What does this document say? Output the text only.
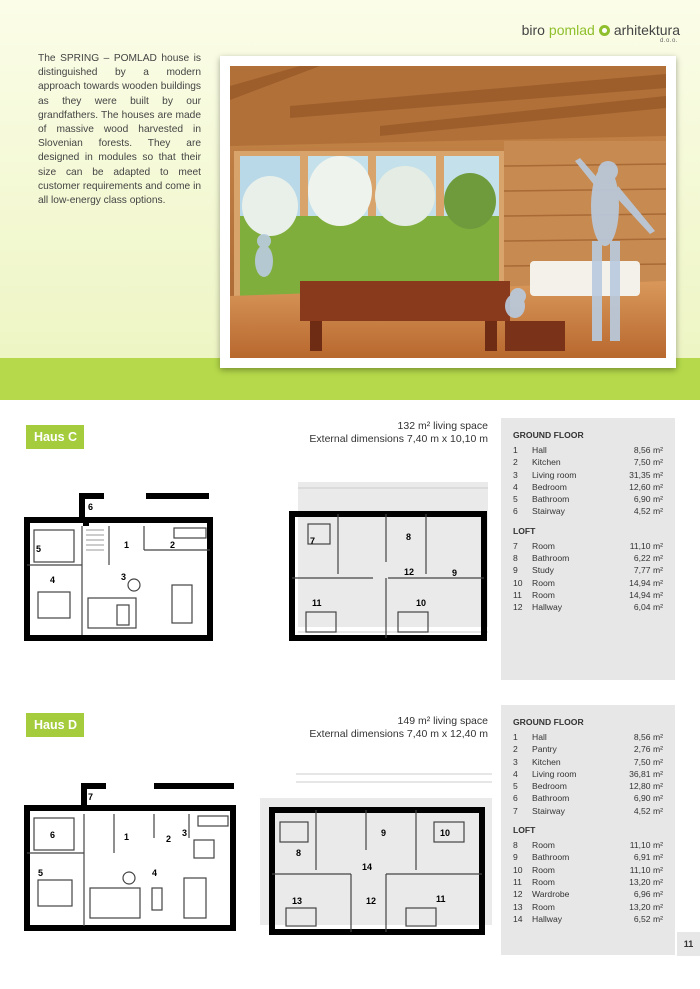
biro pomlad arhitektura
d.o.o.

The SPRING – POMLAD house is distinguished by a modern approach towards wooden buildings as they were built by our grandfathers. The houses are made of massive wood harvested in Slovenian forests. They are designed in modules so that their size can be adapted to meet customer requirements and come in all low-energy class options.

Haus C
132 m² living space
External dimensions 7,40 m x 10,10 m	GROUND FLOOR
1	Hall	8,56 m²
2	Kitchen	7,50 m²
3	Living room	31,35 m²
4	Bedroom	12,60 m²
5	Bathroom	6,90 m²
6	Stairway	4,52 m²
LOFT
7	Room	11,10 m²
8	Bathroom	6,22 m²
9	Study	7,77 m²
10	Room	14,94 m²
11	Room	14,94 m²
12	Hallway	6,04 m²
1	2
3
4
5
6
7	8
9
10
11
12
Haus D	149 m² living space
External dimensions 7,40 m x 12,40 m
GROUND FLOOR
1	Hall	8,56 m²
2	Pantry	2,76 m²
3	Kitchen	7,50 m²
4	Living room	36,81 m²
5	Bedroom	12,80 m²
6	Bathroom	6,90 m²
7	Stairway	4,52 m²
LOFT
8	Room	11,10 m²
9	Bathroom	6,91 m²
10	Room	11,10 m²
11	Room	13,20 m²
12	Wardrobe	6,96 m²
13	Room	13,20 m²
14	Hallway	6,52 m²
1	2
3
4
5
6
7
8
9	10
11
12
13
14
11
